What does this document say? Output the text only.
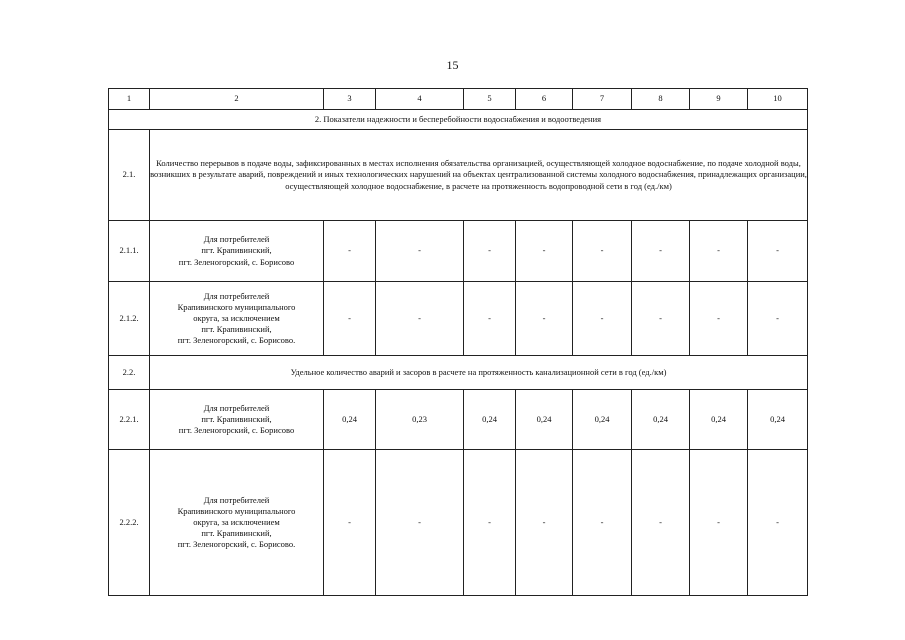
15
1	2	3	4	5	6	7	8	9	10
2. Показатели надежности и бесперебойности водоснабжения и водоотведения									
2.1.	Количество перерывов в подаче воды, зафиксированных в местах исполнения обязательства организацией, осуществляющей холодное водоснабжение, по подаче холодной воды, возникших в результате аварий, повреждений и иных технологических нарушений на объектах централизованной системы холодного водоснабжения, принадлежащих организации, осуществляющей холодное водоснабжение, в расчете на протяженность водопроводной сети в год (ед./км)								
2.1.1.	Для потребителей
пгт. Крапивинский,
пгт. Зеленогорский, с. Борисово	-	-	-	-	-	-	-	-
2.1.2.	Для потребителей
Крапивинского муниципального
округа, за исключением
пгт. Крапивинский,
пгт. Зеленогорский, с. Борисово.	-	-	-	-	-	-	-	-
2.2.	Удельное количество аварий и засоров в расчете на протяженность канализационной сети в год (ед./км)								
2.2.1.	Для потребителей
пгт. Крапивинский,
пгт. Зеленогорский, с. Борисово	0,24	0,23	0,24	0,24	0,24	0,24	0,24	0,24
2.2.2.	Для потребителей
Крапивинского муниципального
округа, за исключением
пгт. Крапивинский,
пгт. Зеленогорский, с. Борисово.	-	-	-	-	-	-	-	-
